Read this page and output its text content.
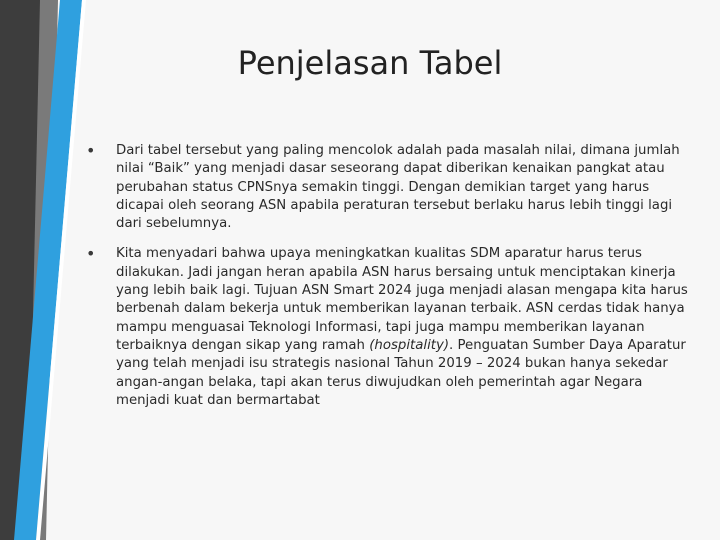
Penjelasan Tabel
• Dari tabel tersebut yang paling mencolok adalah pada masalah nilai, dimana jumlah nilai “Baik” yang menjadi dasar seseorang dapat diberikan kenaikan pangkat atau perubahan status CPNSnya semakin tinggi. Dengan demikian target yang harus dicapai oleh seorang ASN apabila peraturan tersebut berlaku harus lebih tinggi lagi dari sebelumnya.
• Kita menyadari bahwa upaya meningkatkan kualitas SDM aparatur harus terus dilakukan. Jadi jangan heran apabila ASN harus bersaing untuk menciptakan kinerja yang lebih baik lagi. Tujuan ASN Smart 2024 juga menjadi alasan mengapa kita harus berbenah dalam bekerja untuk memberikan layanan terbaik. ASN cerdas tidak hanya mampu menguasai Teknologi Informasi, tapi juga mampu memberikan layanan terbaiknya dengan sikap yang ramah (hospitality). Penguatan Sumber Daya Aparatur yang telah menjadi isu strategis nasional Tahun 2019 – 2024 bukan hanya sekedar angan-angan belaka, tapi akan terus diwujudkan oleh pemerintah agar Negara menjadi kuat dan bermartabat
